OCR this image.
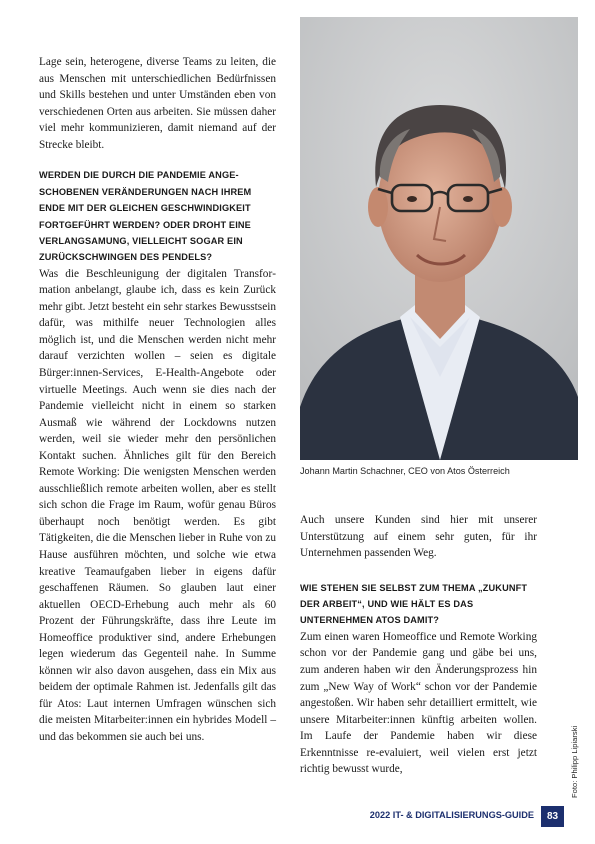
Lage sein, heterogene, diverse Teams zu leiten, die aus Menschen mit unterschiedlichen Bedürfnissen und Skills bestehen und unter Umständen eben von verschiedenen Orten aus arbeiten. Sie müssen daher viel mehr kommunizieren, damit niemand auf der Strecke bleibt.

WERDEN DIE DURCH DIE PANDEMIE ANGESCHOBENEN VERÄNDERUNGEN NACH IHREM ENDE MIT DER GLEICHEN GESCHWINDIGKEIT FORTGEFÜHRT WERDEN? ODER DROHT EINE VERLANGSAMUNG, VIELLEICHT SOGAR EIN ZURÜCKSCHWINGEN DES PENDELS?

Was die Beschleunigung der digitalen Transformation anbelangt, glaube ich, dass es kein Zurück mehr gibt. Jetzt besteht ein sehr starkes Bewusstsein dafür, was mithilfe neuer Technologien alles möglich ist, und die Menschen werden nicht mehr darauf verzichten wollen – seien es digitale Bürger:innen-Services, E-Health-Angebote oder virtuelle Meetings. Auch wenn sie dies nach der Pandemie vielleicht nicht in einem so starken Ausmaß wie während der Lockdowns nutzen werden, weil sie wieder mehr den persönlichen Kontakt suchen. Ähnliches gilt für den Bereich Remote Working: Die wenigsten Menschen werden ausschließlich remote arbeiten wollen, aber es stellt sich schon die Frage im Raum, wofür genau Büros überhaupt noch benötigt werden. Es gibt Tätigkeiten, die die Menschen lieber in Ruhe von zu Hause ausführen möchten, und solche wie etwa kreative Teamaufgaben lieber in eigens dafür geschaffenen Räumen. So glauben laut einer aktuellen OECD-Erhebung auch mehr als 60 Prozent der Führungskräfte, dass ihre Leute im Homeoffice produktiver sind, andere Erhebungen legen wiederum das Gegenteil nahe. In Summe können wir also davon ausgehen, dass ein Mix aus beidem der optimale Rahmen ist. Jedenfalls gilt das für Atos: Laut internen Umfragen wünschen sich die meisten Mitarbeiter:innen ein hybrides Modell – und das bekommen sie auch bei uns.

Johann Martin Schachner, CEO von Atos Österreich
Foto: Philipp Lipiarski

Auch unsere Kunden sind hier mit unserer Unterstützung auf einem sehr guten, für ihr Unternehmen passenden Weg.

WIE STEHEN SIE SELBST ZUM THEMA „ZUKUNFT DER ARBEIT“, UND WIE HÄLT ES DAS UNTERNEHMEN ATOS DAMIT?

Zum einen waren Homeoffice und Remote Working schon vor der Pandemie gang und gäbe bei uns, zum anderen haben wir den Änderungsprozess hin zum „New Way of Work“ schon vor der Pandemie angestoßen. Wir haben sehr detailliert ermittelt, wie unsere Mitarbeiter:innen künftig arbeiten wollen. Im Laufe der Pandemie haben wir diese Erkenntnisse re-evaluiert, weil vielen erst jetzt richtig bewusst wurde,

2022 IT- & DIGITALISIERUNGS-GUIDE	83
